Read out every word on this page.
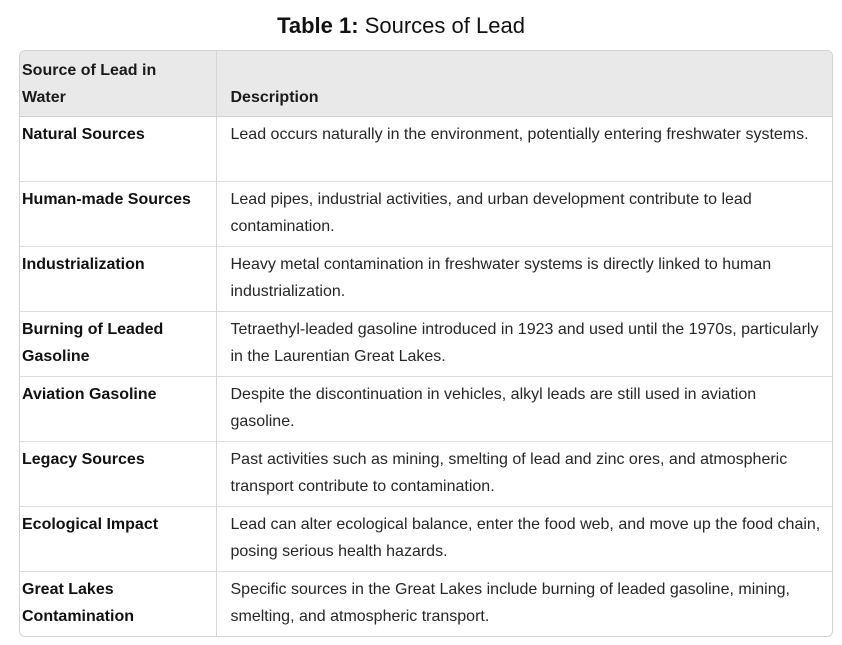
Table 1: Sources of Lead
Source of Lead in Water	Description
Natural Sources	Lead occurs naturally in the environment, potentially entering freshwater systems.
Human-made Sources	Lead pipes, industrial activities, and urban development contribute to lead contamination.
Industrialization	Heavy metal contamination in freshwater systems is directly linked to human industrialization.
Burning of Leaded Gasoline	Tetraethyl-leaded gasoline introduced in 1923 and used until the 1970s, particularly in the Laurentian Great Lakes.
Aviation Gasoline	Despite the discontinuation in vehicles, alkyl leads are still used in aviation gasoline.
Legacy Sources	Past activities such as mining, smelting of lead and zinc ores, and atmospheric transport contribute to contamination.
Ecological Impact	Lead can alter ecological balance, enter the food web, and move up the food chain, posing serious health hazards.
Great Lakes Contamination	Specific sources in the Great Lakes include burning of leaded gasoline, mining, smelting, and atmospheric transport.
